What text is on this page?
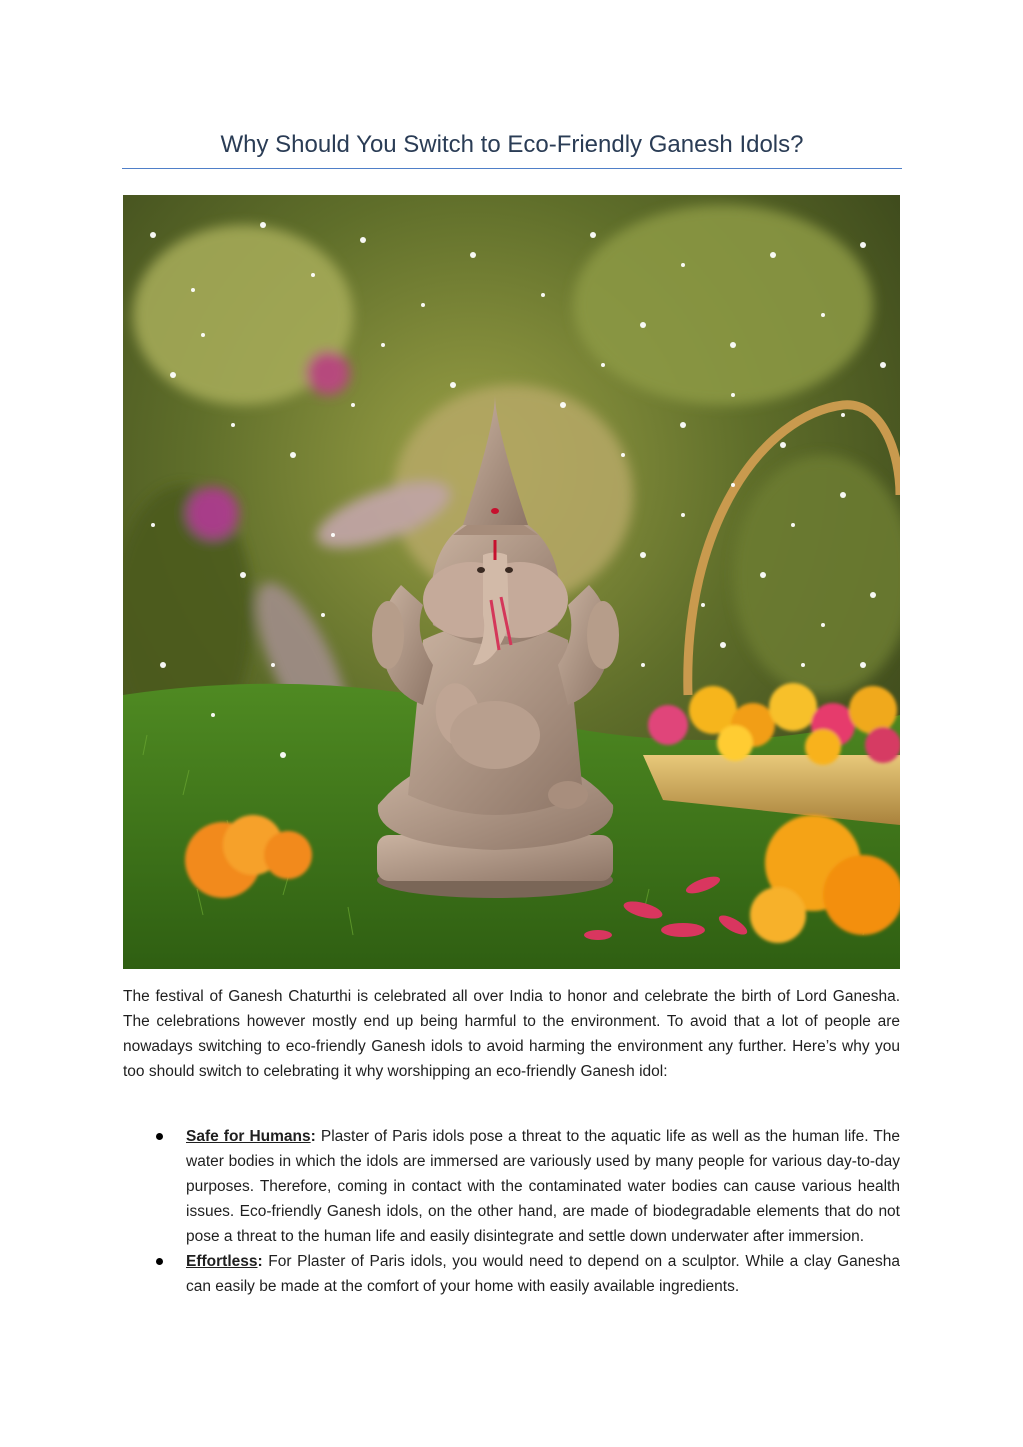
Why Should You Switch to Eco-Friendly Ganesh Idols?
The festival of Ganesh Chaturthi is celebrated all over India to honor and celebrate the birth of Lord Ganesha. The celebrations however mostly end up being harmful to the environment. To avoid that a lot of people are nowadays switching to eco-friendly Ganesh idols to avoid harming the environment any further. Here’s why you too should switch to celebrating it why worshipping an eco-friendly Ganesh idol:
Safe for Humans: Plaster of Paris idols pose a threat to the aquatic life as well as the human life. The water bodies in which the idols are immersed are variously used by many people for various day-to-day purposes. Therefore, coming in contact with the contaminated water bodies can cause various health issues. Eco-friendly Ganesh idols, on the other hand, are made of biodegradable elements that do not pose a threat to the human life and easily disintegrate and settle down underwater after immersion.
Effortless: For Plaster of Paris idols, you would need to depend on a sculptor. While a clay Ganesha can easily be made at the comfort of your home with easily available ingredients.
